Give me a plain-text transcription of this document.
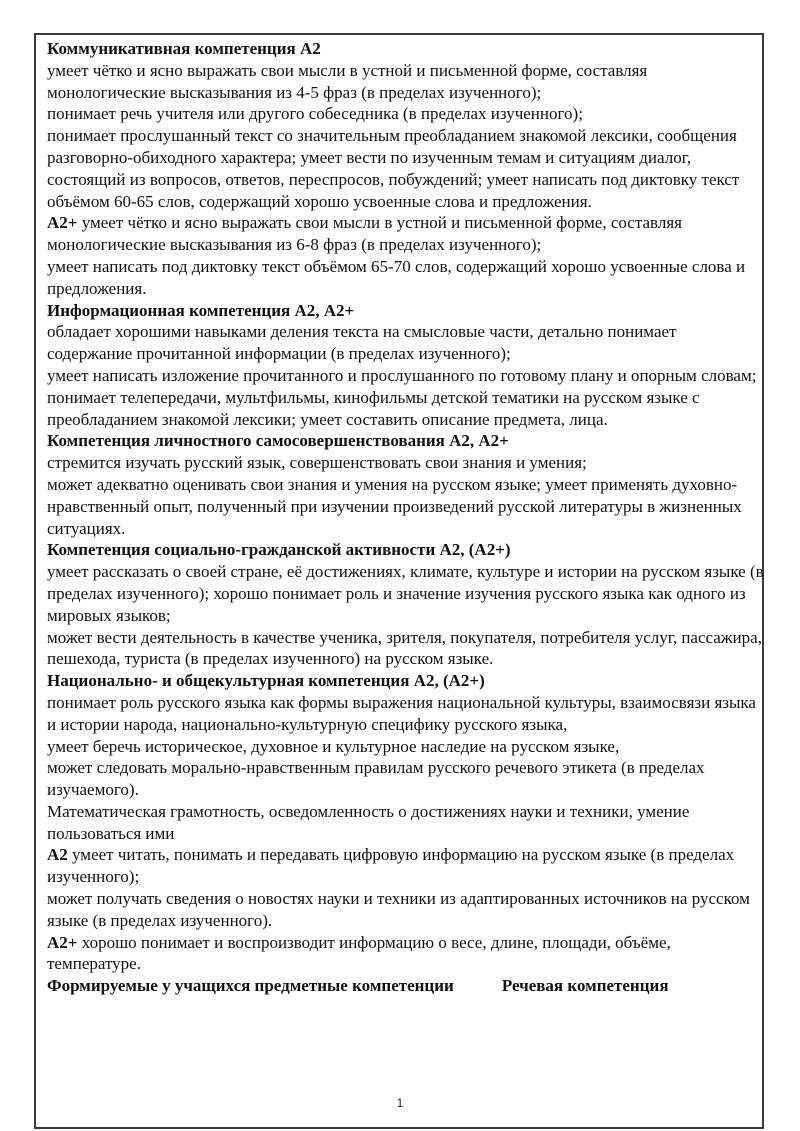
Коммуникативная компетенция А2

умеет чётко и ясно выражать свои мысли в устной и письменной форме, составляя монологические высказывания из 4-5 фраз (в пределах изученного);

понимает речь учителя или другого собеседника (в пределах изученного);

понимает прослушанный текст со значительным преобладанием знакомой лексики, сообщения разговорно-обиходного характера; умеет вести по изученным темам и ситуациям диалог, состоящий из вопросов, ответов, переспросов, побуждений; умеет написать под диктовку текст объёмом 60-65 слов, содержащий хорошо усвоенные слова и предложения.

А2+ умеет чётко и ясно выражать свои мысли в устной и письменной форме, составляя монологические высказывания из 6-8 фраз (в пределах изученного);

умеет написать под диктовку текст объёмом 65-70 слов, содержащий хорошо усвоенные слова и предложения.

Информационная компетенция А2, А2+

обладает хорошими навыками деления текста на смысловые части, детально понимает содержание прочитанной информации (в пределах изученного);

умеет написать изложение прочитанного и прослушанного по готовому плану и опорным словам;

понимает телепередачи, мультфильмы, кинофильмы детской тематики на русском языке с преобладанием знакомой лексики; умеет составить описание предмета, лица.

Компетенция личностного самосовершенствования А2, А2+

стремится изучать русский язык, совершенствовать свои знания и умения;

может адекватно оценивать свои знания и умения на русском языке; умеет применять духовно-нравственный опыт, полученный при изучении произведений русской литературы в жизненных ситуациях.

Компетенция социально-гражданской активности А2, (А2+)

умеет рассказать о своей стране, её достижениях, климате, культуре и истории на русском языке (в пределах изученного); хорошо понимает роль и значение изучения русского языка как одного из мировых языков;

может вести деятельность в качестве ученика, зрителя, покупателя, потребителя услуг, пассажира, пешехода, туриста (в пределах изученного) на русском языке.

Национально- и общекультурная компетенция А2, (А2+)

понимает роль русского языка как формы выражения национальной культуры, взаимосвязи языка и истории народа, национально-культурную специфику русского языка,

умеет беречь историческое, духовное и культурное наследие на русском языке,

может следовать морально-нравственным правилам русского речевого этикета (в пределах изучаемого).

Математическая грамотность, осведомленность о достижениях науки и техники, умение пользоваться ими

А2 умеет читать, понимать и передавать цифровую информацию на русском языке (в пределах изученного);

может получать сведения о новостях науки и техники из адаптированных источников на русском языке (в пределах изученного).

А2+ хорошо понимает и воспроизводит информацию о весе, длине, площади, объёме, температуре.

Формируемые у учащихся предметные компетенции	Речевая компетенция

1
